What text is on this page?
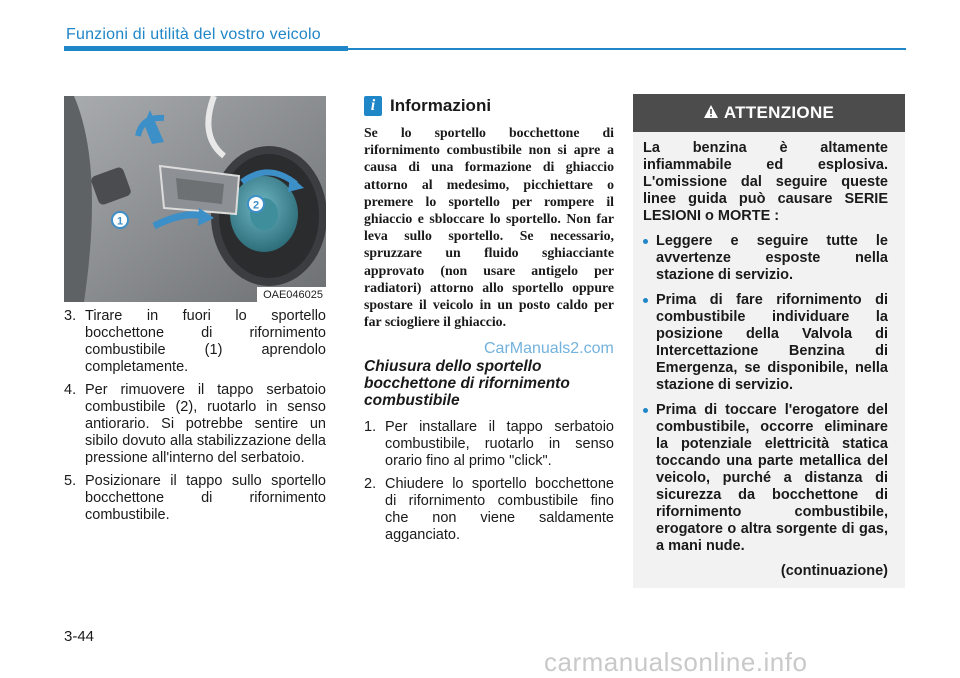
Funzioni di utilità del vostro veicolo
1
2
OAE046025
3. Tirare in fuori lo sportello bocchettone di rifornimento combustibile (1) aprendolo completamente.
4. Per rimuovere il tappo serbatoio combustibile (2), ruotarlo in senso antiorario. Si potrebbe sentire un sibilo dovuto alla stabilizzazione della pressione all'interno del serbatoio.
5. Posizionare il tappo sullo sportello bocchettone di rifornimento combustibile.
i Informazioni
Se lo sportello bocchettone di rifornimento combustibile non si apre a causa di una formazione di ghiaccio attorno al medesimo, picchiettare o premere lo sportello per rompere il ghiaccio e sbloccare lo sportello. Non far leva sullo sportello. Se necessario, spruzzare un fluido sghiacciante approvato (non usare antigelo per radiatori) attorno allo sportello oppure spostare il veicolo in un posto caldo per far sciogliere il ghiaccio.
Chiusura dello sportello bocchettone di rifornimento combustibile
1. Per installare il tappo serbatoio combustibile, ruotarlo in senso orario fino al primo "click".
2. Chiudere lo sportello bocchettone di rifornimento combustibile fino che non viene saldamente agganciato.
ATTENZIONE

La benzina è altamente infiammabile ed esplosiva. L'omissione dal seguire queste linee guida può causare SERIE LESIONI o MORTE :

Leggere e seguire tutte le avvertenze esposte nella stazione di servizio.
Prima di fare rifornimento di combustibile individuare la posizione della Valvola di Intercettazione Benzina di Emergenza, se disponibile, nella stazione di servizio.
Prima di toccare l'erogatore del combustibile, occorre eliminare la potenziale elettricità statica toccando una parte metallica del veicolo, purché a distanza di sicurezza da bocchettone di rifornimento combustibile, erogatore o altra sorgente di gas, a mani nude.
(continuazione)
3-44
CarManuals2.com
carmanualsonline.info
